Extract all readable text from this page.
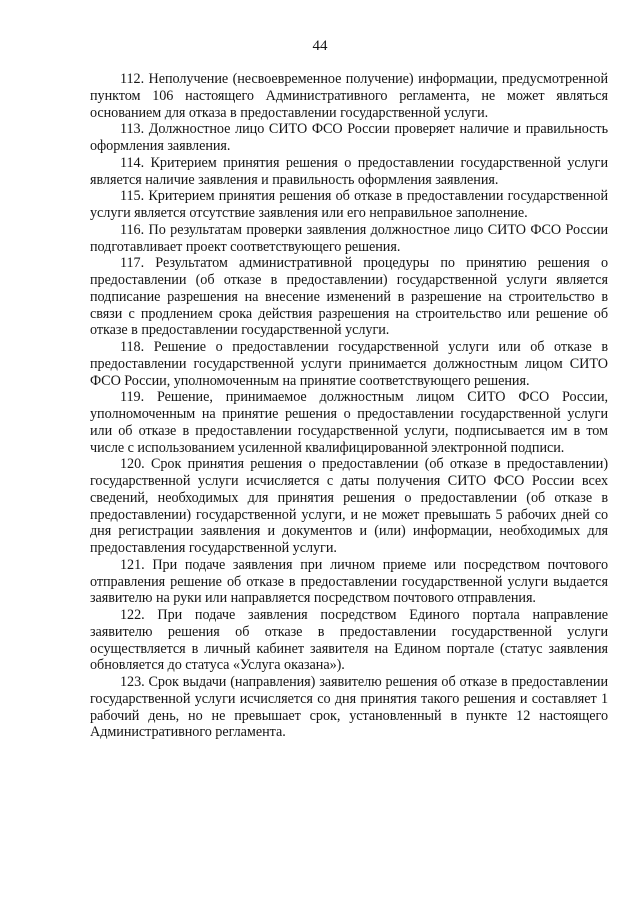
44

112. Неполучение (несвоевременное получение) информации, предусмотренной пунктом 106 настоящего Административного регламента, не может являться основанием для отказа в предоставлении государственной услуги.

113. Должностное лицо СИТО ФСО России проверяет наличие и правильность оформления заявления.

114. Критерием принятия решения о предоставлении государственной услуги является наличие заявления и правильность оформления заявления.

115. Критерием принятия решения об отказе в предоставлении государственной услуги является отсутствие заявления или его неправильное заполнение.

116. По результатам проверки заявления должностное лицо СИТО ФСО России подготавливает проект соответствующего решения.

117. Результатом административной процедуры по принятию решения о предоставлении (об отказе в предоставлении) государственной услуги является подписание разрешения на внесение изменений в разрешение на строительство в связи с продлением срока действия разрешения на строительство или решение об отказе в предоставлении государственной услуги.

118. Решение о предоставлении государственной услуги или об отказе в предоставлении государственной услуги принимается должностным лицом СИТО ФСО России, уполномоченным на принятие соответствующего решения.

119. Решение, принимаемое должностным лицом СИТО ФСО России, уполномоченным на принятие решения о предоставлении государственной услуги или об отказе в предоставлении государственной услуги, подписывается им в том числе с использованием усиленной квалифицированной электронной подписи.

120. Срок принятия решения о предоставлении (об отказе в предоставлении) государственной услуги исчисляется с даты получения СИТО ФСО России всех сведений, необходимых для принятия решения о предоставлении (об отказе в предоставлении) государственной услуги, и не может превышать 5 рабочих дней со дня регистрации заявления и документов и (или) информации, необходимых для предоставления государственной услуги.

121. При подаче заявления при личном приеме или посредством почтового отправления решение об отказе в предоставлении государственной услуги выдается заявителю на руки или направляется посредством почтового отправления.

122. При подаче заявления посредством Единого портала направление заявителю решения об отказе в предоставлении государственной услуги осуществляется в личный кабинет заявителя на Едином портале (статус заявления обновляется до статуса «Услуга оказана»).

123. Срок выдачи (направления) заявителю решения об отказе в предоставлении государственной услуги исчисляется со дня принятия такого решения и составляет 1 рабочий день, но не превышает срок, установленный в пункте 12 настоящего Административного регламента.
